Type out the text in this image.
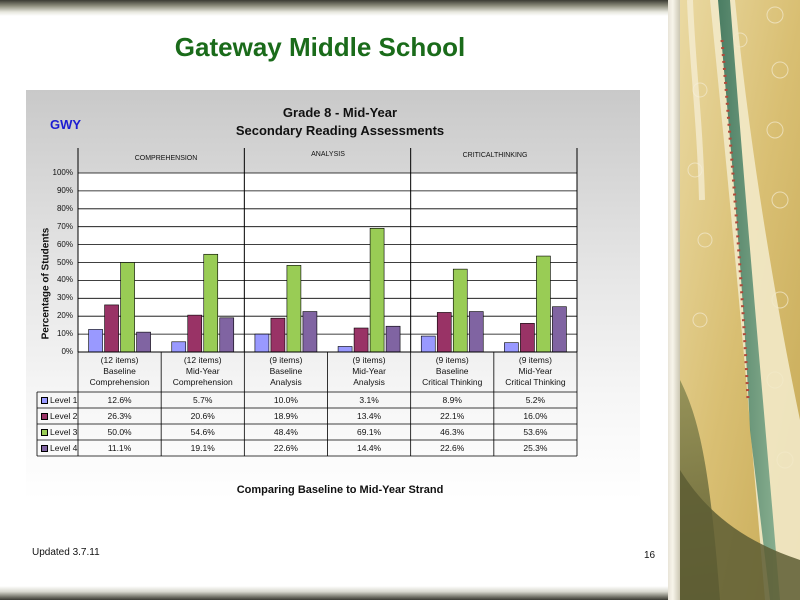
Gateway Middle School
GWY
Grade 8 - Mid-Year
Secondary Reading Assessments
COMPREHENSION
ANALYSIS	CRITICALTHINKING
Percentage of Students
0%
10%
20%
30%
40%
50%
60%
70%
80%
90%
100%
(12 items)
Baseline
Comprehension
(12 items)
Mid-Year
Comprehension
(9 items)
Baseline
Analysis
(9 items)
Mid-Year
Analysis
(9 items)
Baseline
Critical Thinking
(9 items)
Mid-Year
Critical Thinking
Level 1	12.6%	5.7%	10.0%	3.1%	8.9%	5.2%
Level 2	26.3%	20.6%	18.9%	13.4%	22.1%	16.0%
Level 3	50.0%	54.6%	48.4%	69.1%	46.3%	53.6%
Level 4	11.1%	19.1%	22.6%	14.4%	22.6%	25.3%
Comparing Baseline to Mid-Year Strand
Updated 3.7.11	16
